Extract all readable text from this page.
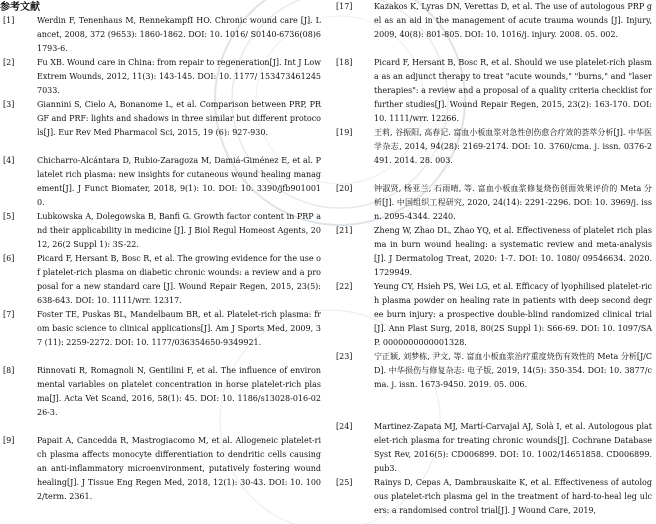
参考文献
[1]	Werdin F, Tenenhaus M, RennekampfI HO. Chronic wound care [J]. Lancet, 2008, 372 (9653): 1860-1862. DOI: 10. 1016/ S0140-6736(08)61793-6.
[2]	Fu XB. Wound care in China: from repair to regeneration[J]. Int J Low Extrem Wounds, 2012, 11(3): 143-145. DOI: 10. 1177/ 1534734612457033.
[3]	Giannini S, Cielo A, Bonanome L, et al. Comparison between PRP, PRGF and PRF: lights and shadows in three similar but different protocols[J]. Eur Rev Med Pharmacol Sci, 2015, 19 (6): 927-930.
[4]	Chicharro-Alcántara D, Rubio-Zaragoza M, Damiá-Giménez E, et al. Platelet rich plasma: new insights for cutaneous wound healing management[J]. J Funct Biomater, 2018, 9(1): 10. DOI: 10. 3390/jfb9010010.
[5]	Lubkowska A, Dolegowska B, Banfi G. Growth factor content in PRP and their applicability in medicine [J]. J Biol Regul Homeost Agents, 2012, 26(2 Suppl 1): 3S-22.
[6]	Picard F, Hersant B, Bosc R, et al. The growing evidence for the use of platelet-rich plasma on diabetic chronic wounds: a review and a proposal for a new standard care [J]. Wound Repair Regen, 2015, 23(5): 638-643. DOI: 10. 1111/wrr. 12317.
[7]	Foster TE, Puskas BL, Mandelbaum BR, et al. Platelet-rich plasma: from basic science to clinical applications[J]. Am J Sports Med, 2009, 37 (11): 2259-2272. DOI: 10. 1177/036354650-9349921.
[8]	Rinnovati R, Romagnoli N, Gentilini F, et al. The influence of environmental variables on platelet concentration in horse platelet-rich plasma[J]. Acta Vet Scand, 2016, 58(1): 45. DOI: 10. 1186/s13028-016-0226-3.
[9]	Papait A, Cancedda R, Mastrogiacomo M, et al. Allogeneic platelet-rich plasma affects monocyte differentiation to dendritic cells causing an anti-inflammatory microenvironment, putatively fostering wound healing[J]. J Tissue Eng Regen Med, 2018, 12(1): 30-43. DOI: 10. 1002/term. 2361.
[17]	Kazakos K, Lyras DN, Verettas D, et al. The use of autologous PRP gel as an aid in the management of acute trauma wounds [J]. Injury, 2009, 40(8): 801-805. DOI: 10. 1016/j. injury. 2008. 05. 002.
[18]	Picard F, Hersant B, Bosc R, et al. Should we use platelet-rich plasma as an adjunct therapy to treat "acute wounds," "burns," and "laser therapies": a review and a proposal of a quality criteria checklist for further studies[J]. Wound Repair Regen, 2015, 23(2): 163-170. DOI: 10. 1111/wrr. 12266.
[19]	王莉, 谷振阳, 高春记. 富血小板血浆对急性创伤愈合疗效的荟萃分析[J]. 中华医学杂志, 2014, 94(28): 2169-2174. DOI: 10. 3760/cma. j. issn. 0376-2491. 2014. 28. 003.
[20]	钟淑贤, 杨亚兰, 石雨晴, 等. 富血小板血浆修复烧伤创面效果评价的 Meta 分析[J]. 中国组织工程研究, 2020, 24(14): 2291-2296. DOI: 10. 3969/j. issn. 2095-4344. 2240.
[21]	Zheng W, Zhao DL, Zhao YQ, et al. Effectiveness of platelet rich plasma in burn wound healing: a systematic review and meta-analysis[J]. J Dermatolog Treat, 2020: 1-7. DOI: 10. 1080/ 09546634. 2020. 1729949.
[22]	Yeung CY, Hsieh PS, Wei LG, et al. Efficacy of lyophilised platelet-rich plasma powder on healing rate in patients with deep second degree burn injury: a prospective double-blind randomized clinical trial[J]. Ann Plast Surg, 2018, 80(2S Suppl 1): S66-69. DOI: 10. 1097/SAP. 0000000000001328.
[23]	宁正颖, 刘梦栋, 尹文, 等. 富血小板血浆治疗重度烧伤有效性的 Meta 分析[J/CD]. 中华损伤与修复杂志: 电子版, 2019, 14(5): 350-354. DOI: 10. 3877/cma. j. issn. 1673-9450. 2019. 05. 006.
[24]	Martinez-Zapata MJ, Martí-Carvajal AJ, Solà I, et al. Autologous platelet-rich plasma for treating chronic wounds[J]. Cochrane Database Syst Rev, 2016(5): CD006899. DOI: 10. 1002/14651858. CD006899. pub3.
[25]	Rainys D, Cepas A, Dambrauskaite K, et al. Effectiveness of autologous platelet-rich plasma gel in the treatment of hard-to-heal leg ulcers: a randomised control trial[J]. J Wound Care, 2019,
